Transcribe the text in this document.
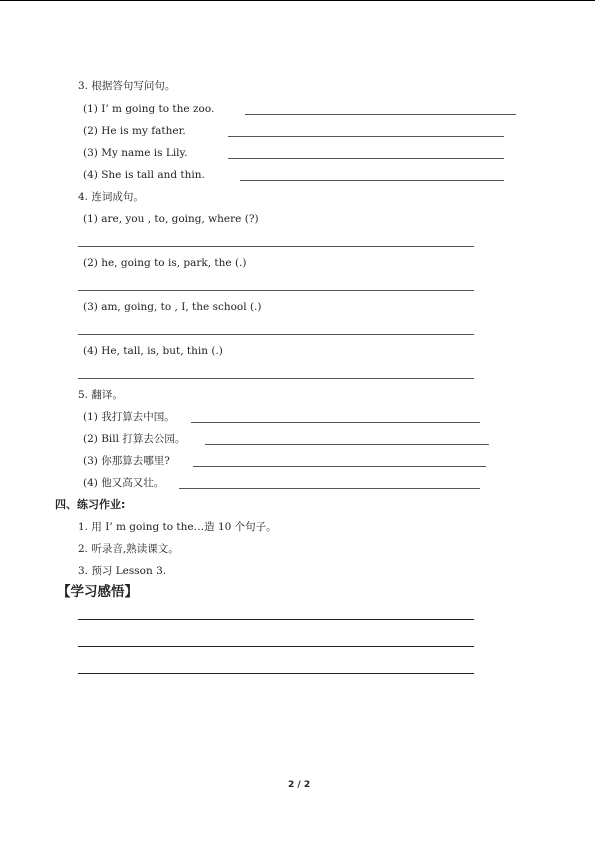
3. 根据答句写问句。
(1) I’ m going to the zoo.
(2) He is my father.
(3) My name is Lily.
(4) She is tall and thin.
4. 连词成句。
(1) are, you , to, going, where (?)
(2) he, going to is, park, the (.)
(3) am, going, to , I, the school (.)
(4) He, tall, is, but, thin (.)
5. 翻译。
(1) 我打算去中国。
(2) Bill 打算去公园。
(3) 你那算去哪里?
(4) 他又高又壮。
四、练习作业:
1. 用 I’ m going to the…造 10 个句子。
2. 听录音,熟读课文。
3. 预习 Lesson 3.
【学习感悟】
2 / 2
